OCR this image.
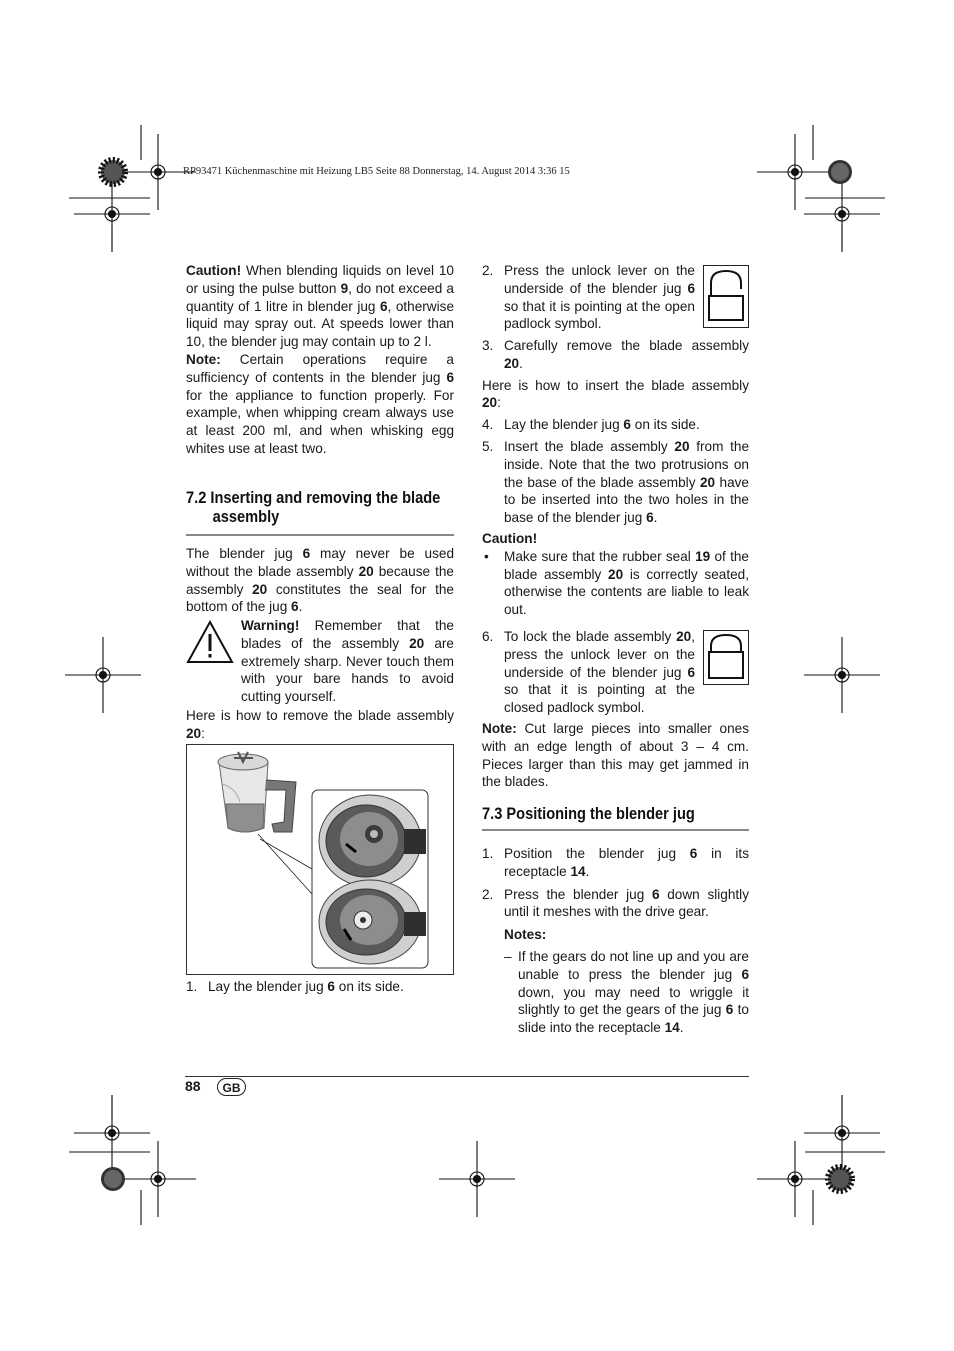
RP93471 Küchenmaschine mit Heizung LB5 Seite 88 Donnerstag, 14. August 2014 3:36 15

Caution! When blending liquids on level 10 or using the pulse button 9, do not exceed a quantity of 1 litre in blender jug 6, otherwise liquid may spray out. At speeds lower than 10, the blender jug may contain up to 2 l.

Note: Certain operations require a sufficiency of contents in the blender jug 6 for the appliance to function properly. For example, when whipping cream always use at least 200 ml, and when whisking egg whites use at least two.

7.2 Inserting and removing the blade
assembly

The blender jug 6 may never be used without the blade assembly 20 because the assembly 20 constitutes the seal for the bottom of the jug 6.

Warning! Remember that the blades of the assembly 20 are extremely sharp. Never touch them with your bare hands to avoid cutting yourself.

Here is how to remove the blade assembly 20:

1. Lay the blender jug 6 on its side.

2. Press the unlock lever on the underside of the blender jug 6 so that it is pointing at the open padlock symbol.

3. Carefully remove the blade assembly 20.

Here is how to insert the blade assembly 20:

4. Lay the blender jug 6 on its side.

5. Insert the blade assembly 20 from the inside. Note that the two protrusions on the base of the blade assembly 20 have to be inserted into the two holes in the base of the blender jug 6.

Caution!

• Make sure that the rubber seal 19 of the blade assembly 20 is correctly seated, otherwise the contents are liable to leak out.

6. To lock the blade assembly 20, press the unlock lever on the underside of the blender jug 6 so that it is pointing at the closed padlock symbol.

Note: Cut large pieces into smaller ones with an edge length of about 3 – 4 cm. Pieces larger than this may get jammed in the blades.

7.3 Positioning the blender jug

1. Position the blender jug 6 in its receptacle 14.

2. Press the blender jug 6 down slightly until it meshes with the drive gear.

Notes:

– If the gears do not line up and you are unable to press the blender jug 6 down, you may need to wriggle it slightly to get the gears of the jug 6 to slide into the receptacle 14.

88	GB
